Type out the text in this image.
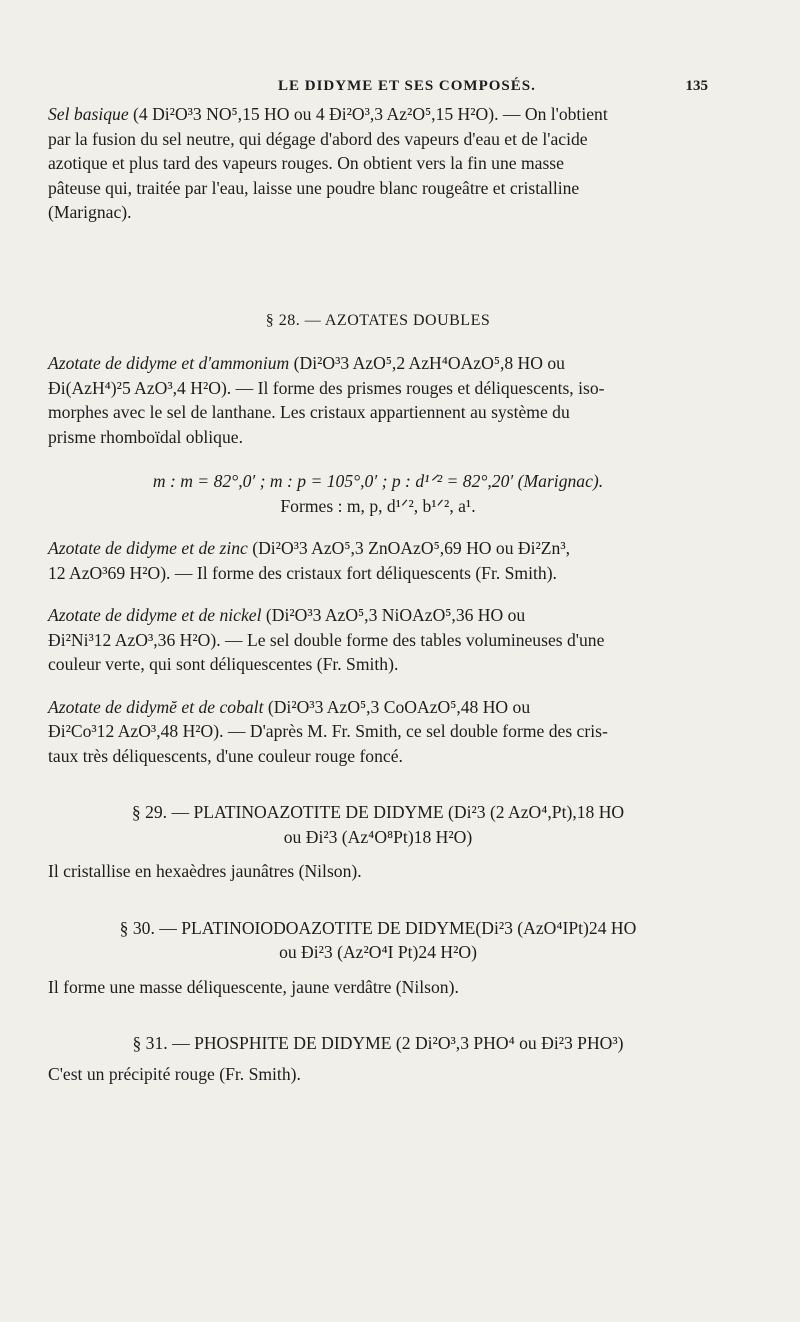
LE DIDYME ET SES COMPOSÉS.	135

Sel basique (4 Di²O³3 NO⁵,15 HO ou 4 Ɖi²O³,3 Az²O⁵,15 H²O). — On l'obtient

par la fusion du sel neutre, qui dégage d'abord des vapeurs d'eau et de l'acide

azotique et plus tard des vapeurs rouges. On obtient vers la fin une masse

pâteuse qui, traitée par l'eau, laisse une poudre blanc rougeâtre et cristalline

(Marignac).

§ 28. — AZOTATES DOUBLES

Azotate de didyme et d'ammonium (Di²O³3 AzO⁵,2 AzH⁴OAzO⁵,8 HO ou

Ɖi(AzH⁴)²5 AzO³,4 H²O). — Il forme des prismes rouges et déliquescents, iso-

morphes avec le sel de lanthane. Les cristaux appartiennent au système du

prisme rhomboïdal oblique.

m : m = 82°,0′ ; m : p = 105°,0′ ; p : d¹ᐟ² = 82°,20′ (Marignac).

Formes : m, p, d¹ᐟ², b¹ᐟ², a¹.

Azotate de didyme et de zinc (Di²O³3 AzO⁵,3 ZnOAzO⁵,69 HO ou Ɖi²Zn³,

12 AzO³69 H²O). — Il forme des cristaux fort déliquescents (Fr. Smith).

Azotate de didyme et de nickel (Di²O³3 AzO⁵,3 NiOAzO⁵,36 HO ou

Ɖi²Ni³12 AzO³,36 H²O). — Le sel double forme des tables volumineuses d'une

couleur verte, qui sont déliquescentes (Fr. Smith).

Azotate de didymĕ et de cobalt (Di²O³3 AzO⁵,3 CoOAzO⁵,48 HO ou

Ɖi²Co³12 AzO³,48 H²O). — D'après M. Fr. Smith, ce sel double forme des cris-

taux très déliquescents, d'une couleur rouge foncé.

§ 29. — PLATINOAZOTITE DE DIDYME (Di²3 (2 AzO⁴,Pt),18 HO

ou Ɖi²3 (Az⁴O⁸Pt)18 H²O)

Il cristallise en hexaèdres jaunâtres (Nilson).

§ 30. — PLATINOIODOAZOTITE DE DIDYME(Di²3 (AzO⁴IPt)24 HO

ou Ɖi²3 (Az²O⁴I Pt)24 H²O)

Il forme une masse déliquescente, jaune verdâtre (Nilson).

§ 31. — PHOSPHITE DE DIDYME (2 Di²O³,3 PHO⁴ ou Ɖi²3 PHO³)

C'est un précipité rouge (Fr. Smith).
